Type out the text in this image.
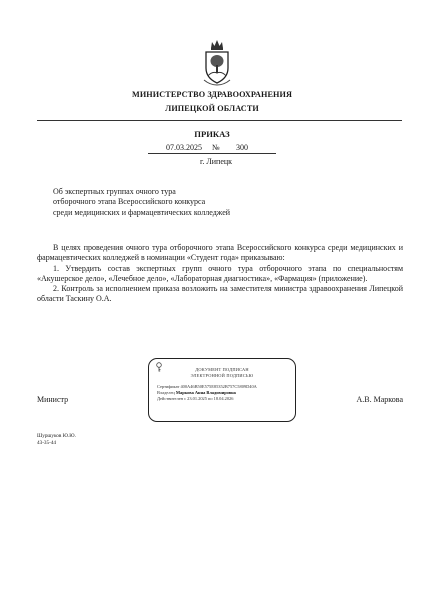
МИНИСТЕРСТВО ЗДРАВООХРАНЕНИЯ
ЛИПЕЦКОЙ ОБЛАСТИ
ПРИКАЗ
07.03.2025 № 300
г. Липецк
Об экспертных группах очного тура
отборочного этапа Всероссийского конкурса
среди медицинских и фармацевтических колледжей

В целях проведения очного тура отборочного этапа Всероссийского конкурса среди медицинских и фармацевтических колледжей в номинации «Студент года» приказываю:

1. Утвердить состав экспертных групп очного тура отборочного этапа по специальностям «Акушерское дело», «Лечебное дело», «Лабораторная диагностика», «Фармация» (приложение).

2. Контроль за исполнением приказа возложить на заместителя министра здравоохранения Липецкой области Таскину О.А.

Министр	А.В. Маркова
ДОКУМЕНТ ПОДПИСАН
ЭЛЕКТРОННОЙ ПОДПИСЬЮ
Сертификат 400A46B50E575E85352B757C5809D40A
Владелец Маркова Анна Владимировна
Действителен с 23.01.2025 по 18.04.2026
Шуршуков Ю.Ю.
43-35-44
